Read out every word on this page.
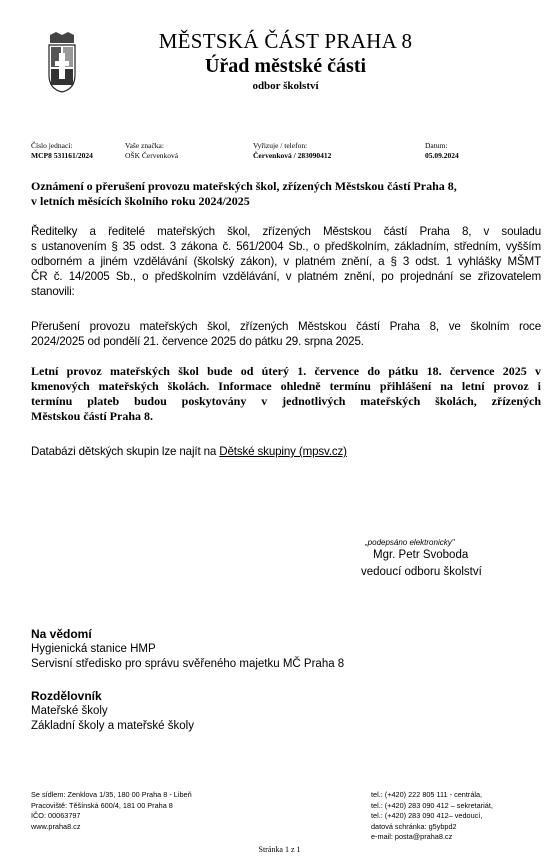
MĚSTSKÁ ČÁST PRAHA 8
Úřad městské části
odbor školství
Číslo jednací:
MCP8 531161/2024
Vaše značka:
OŠK Červenková
Vyřizuje / telefon:
Červenková / 283090412
Datum:
05.09.2024
Oznámení o přerušení provozu mateřských škol, zřízených Městskou částí Praha 8,
v letních měsících školního roku 2024/2025
Ředitelky a ředitelé mateřských škol, zřízených Městskou částí Praha 8, v souladu
s ustanovením § 35 odst. 3 zákona č. 561/2004 Sb., o předškolním, základním, středním, vyšším
odborném a jiném vzdělávání (školský zákon), v platném znění, a § 3 odst. 1 vyhlášky MŠMT
ČR č. 14/2005 Sb., o předškolním vzdělávání, v platném znění, po projednání se zřizovatelem
stanovili:
Přerušení provozu mateřských škol, zřízených Městskou částí Praha 8, ve školním roce
2024/2025 od pondělí 21. července 2025 do pátku 29. srpna 2025.
Letní provoz mateřských škol bude od úterý 1. července do pátku 18. července 2025 v
kmenových mateřských školách. Informace ohledně termínu přihlášení na letní provoz i
termínu plateb budou poskytovány v jednotlivých mateřských školách, zřízených
Městskou částí Praha 8.
Databázi dětských skupin lze najít na Dětské skupiny (mpsv.cz)
„podepsáno elektronicky"
Mgr. Petr Svoboda
vedoucí odboru školství
Na vědomí
Hygienická stanice HMP
Servisní středisko pro správu svěřeného majetku MČ Praha 8
Rozdělovník
Mateřské školy
Základní školy a mateřské školy
Se sídlem: Zenklova 1/35, 180 00 Praha 8 - Libeň
Pracoviště: Těšínská 600/4, 181 00 Praha 8
IČO: 00063797
www.praha8.cz
tel.: (+420) 222 805 111 - centrála,
tel.: (+420) 283 090 412 – sekretariát,
tel.: (+420) 283 090 412– vedoucí,
datová schránka: g5ybpd2
e-mail: posta@praha8.cz
Stránka 1 z 1
